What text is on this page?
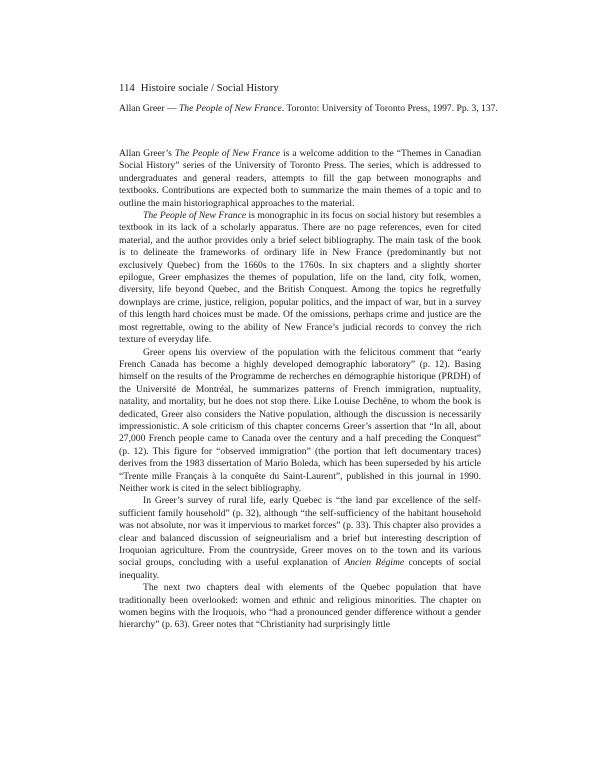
114 Histoire sociale / Social History
Allan Greer — The People of New France. Toronto: University of Toronto Press, 1997. Pp. 3, 137.

Allan Greer’s The People of New France is a welcome addition to the “Themes in Canadian Social History” series of the University of Toronto Press. The series, which is addressed to undergraduates and general readers, attempts to fill the gap between monographs and textbooks. Contributions are expected both to summarize the main themes of a topic and to outline the main historiographical approaches to the material.

The People of New France is monographic in its focus on social history but resembles a textbook in its lack of a scholarly apparatus. There are no page references, even for cited material, and the author provides only a brief select bibliography. The main task of the book is to delineate the frameworks of ordinary life in New France (predominantly but not exclusively Quebec) from the 1660s to the 1760s. In six chapters and a slightly shorter epilogue, Greer emphasizes the themes of population, life on the land, city folk, women, diversity, life beyond Quebec, and the British Conquest. Among the topics he regretfully downplays are crime, justice, religion, popular politics, and the impact of war, but in a survey of this length hard choices must be made. Of the omissions, perhaps crime and justice are the most regrettable, owing to the ability of New France’s judicial records to convey the rich texture of everyday life.

Greer opens his overview of the population with the felicitous comment that “early French Canada has become a highly developed demographic laboratory” (p. 12). Basing himself on the results of the Programme de recherches en démographie historique (PRDH) of the Université de Montréal, he summarizes patterns of French immigration, nuptuality, natality, and mortality, but he does not stop there. Like Louise Dechêne, to whom the book is dedicated, Greer also considers the Native population, although the discussion is necessarily impressionistic. A sole criticism of this chapter concerns Greer’s assertion that “In all, about 27,000 French people came to Canada over the century and a half preceding the Conquest” (p. 12). This figure for “observed immigration” (the portion that left documentary traces) derives from the 1983 dissertation of Mario Boleda, which has been superseded by his article “Trente mille Français à la conquête du Saint-Laurent”, published in this journal in 1990. Neither work is cited in the select bibliography.

In Greer’s survey of rural life, early Quebec is “the land par excellence of the self-sufficient family household” (p. 32), although “the self-sufficiency of the habitant household was not absolute, nor was it impervious to market forces” (p. 33). This chapter also provides a clear and balanced discussion of seigneurialism and a brief but interesting description of Iroquoian agriculture. From the countryside, Greer moves on to the town and its various social groups, concluding with a useful explanation of Ancien Régime concepts of social inequality.

The next two chapters deal with elements of the Quebec population that have traditionally been overlooked: women and ethnic and religious minorities. The chapter on women begins with the Iroquois, who “had a pronounced gender difference without a gender hierarchy” (p. 63). Greer notes that “Christianity had surprisingly little
